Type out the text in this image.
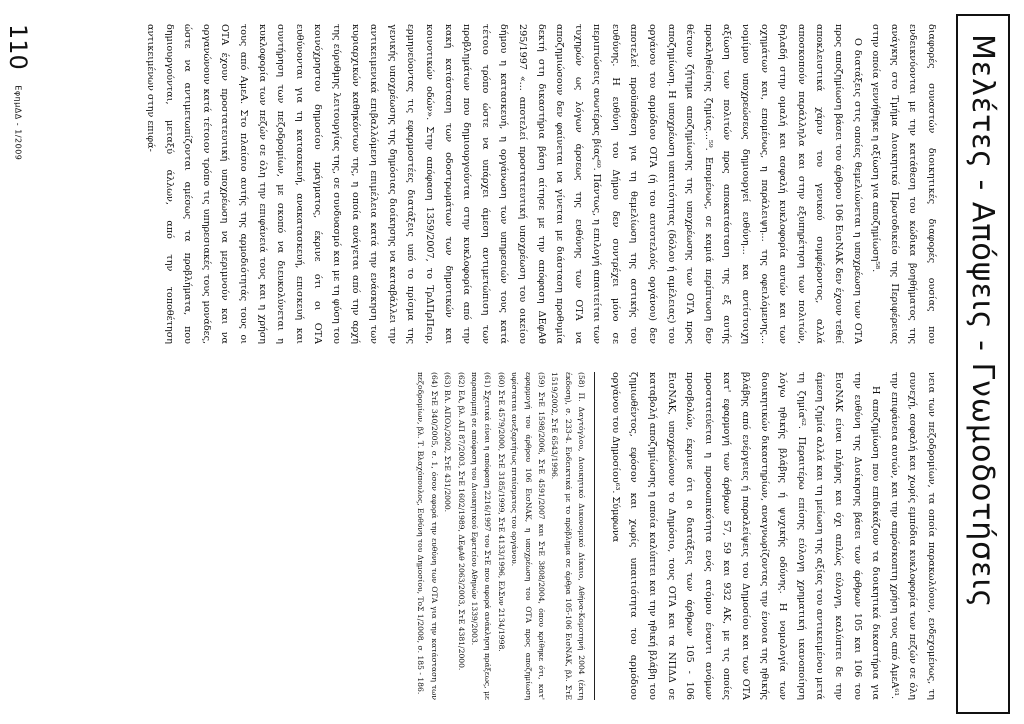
Μελέτες - Απόψεις - Γνωμοδοτήσεις

διαφορές συναστών διοικητικές διαφορές ουσίας που ενδεικνύονται με την κατάθεση του κώδικα βοηθήματος της ανάγκης στο Τμήμα Διοικητικό Πρωτοδικείο της Περιφέρειας στην οποία γεννήθηκε η αξίωση για αποζημίωση⁵⁸.

Ο διατάξεις στις οποίες θεμελιώνεται η υποχρέωση των ΟΤΑ προς αποζημίωση βάσει του άρθρου 106 ΕισΝΑΚ δεν έχουν τεθεί αποκλειστικά χάριν του γενικού συμφέροντος, αλλά αποσκοπούν παράλληλα και στην εξυπηρέτηση των πολιτών, δηλαδή στην ομαλή και ασφαλή κυκλοφορία αυτών και των οχημάτων και, επομένως, η παράλειψη... της οφειλόμενης... νομίμου υποχρεώσεως δημιουργεί ευθύνη... και αντίστοιχη αξίωση των πολιτών προς αποκατάσταση της εξ αυτής προκληθείσης ζημίας...⁵⁹. Επομένως, σε καμιά περίπτωση δεν θέτουν ζήτημα αποζημίωσης της υποχρέωσης των ΟΤΑ προς αποζημίωση. Η υποχρέωση υπαιτιότητας (δόλου ή αμέλειας) του οργάνου του αρμόδιου ΟΤΑ (ή του αυτοτελούς οργάνου) δεν αποτελεί προϋπόθεση για τη θεμελίωση της αστικής του ευθύνης. Η ευθύνη του Δήμου δεν συντρέχει μόνο σε περιπτώσεις ανωτέρας βίας⁶⁰. Πάντως, η επιλογή απαιτείται των τυχηρών ως λόγων άρσεως της ευθύνης των ΟΤΑ να αποζημιώσουν δεν φαίνεται να γίνεται με διάσταση προθυμία δεκτή στη δικαστήρια βάση αίτησε με την απόφαση ΔΕφΑθ 295/1997 «... αποτελεί προστατευτική υποχρέωση του οικείου δήμου η κατασκευή, η οργάνωση των υπηρεσιών τους κατά τέτοιο τρόπο ώστε να υπάρχει άμεση αντιμετώπιση των προβλημάτων που δημιουργούνται στην κυκλοφορία από την κακή κατάσταση των οδοστρωμάτων των δημοτικών και κοινοτικών οδών». Στην απόφαση 1359/2007, το ΤρΔΠρΠειρ, ερμηνεύοντας τις εφαρμοστέες διατάξεις υπό το πρίσμα της γενικής υποχρέωσης της δημόσιας διοίκησης να καταβάλλει την αντικειμενικά επιβαλλόμενη επιμέλεια κατά την ενάσκηση των κυριαρχικών καθηκόντων της, η οποία ανάγεται από την αρχή της εύρυθμης λειτουργίας της, σε συνδυασμό και με τη φύση του κοινόχρηστου δημοσίου πράγματος, έκρινε ότι οι ΟΤΑ ευθύνονται για τη κατασκευή, ανακατασκευή, επισκευή και συντήρηση των πεζοδρομίων, με σκοπό να διευκολύνεται η κυκλοφορία των πεζών σε όλη την επιφάνειά τους και η χρήση τους από ΑμεΑ. Στο πλαίσιο αυτής της αρμοδιότητάς τους οι ΟΤΑ έχουν προστατευτική υποχρέωση να μεριμνούν και να οργανώνουν κατά τέτοιον τρόπο τις υπηρεσιακές τους μονάδες, ώστε να αντιμετωπίζονται αμέσως τα προβλήματα, που δημιουργούνται, μεταξύ άλλων, από την τοποθέτηση αντικειμένων στην επιφά-

νεια των πεζοδρομίων, τα οποία παρακωλύουν, ενδεχομένως, τη συνεχή, ασφαλή και χωρίς εμπόδια κυκλοφορία των πεζών σε όλη την επιφάνεια αυτών, και την απρόσκοπτη χρήση τους από ΑμεΑ⁶¹.

Η αποζημίωση που επιδικάζουν τα διοικητικά δικαστήρια για την ευθύνη της Διοίκησης βάσει των άρθρων 105 και 106 του ΕισΝΑΚ είναι πλήρης και όχι απλώς εύλογη, καλύπτει δε την άμεση ζημία αλλά και τη μείωση της αξίας του αντικειμένου μετά τη ζημία⁶². Περαιτέρω επίσης εύλογη χρηματική ικανοποίηση λόγω ηθικής βλάβης ή ψυχικής οδύνης. Η νομολογία των διοικητικών δικαστηρίων, αναγνωρίζοντας την έννοια της ηθικής βλάβης από ενέργειες ή παραλείψεις του Δημοσίου και των ΟΤΑ κατ' εφαρμογή των άρθρων 57, 59 και 932 ΑΚ, με τις οποίες προστατεύεται η προσωπικότητα ενός ατόμου έναντι ανόμων προσβολών, έκρινε ότι οι διατάξεις των άρθρων 105 - 106 ΕισΝΑΚ, υποχρεώνουν το Δημόσιο, τους ΟΤΑ και τα ΝΠΔΔ σε καταβολή αποζημίωσης η οποία καλύπτει και την ηθική βλάβη του ζημιωθέντος, εφόσον και χωρίς υπαιτιότητα του αρμόδιου οργάνου του Δημοσίου⁶³. Σύμφωνα

(58) Π. Δαγτόγλου, Διοικητικό Δικονομικό Δίκαιο, Αθήνα-Κομοτηνή 2004 (έκτη έκδοση), σ. 233-4. Ενδεικτικά με το πρόβλημα σε άρθρα 105-106 ΕισΝΑΚ, βλ. ΣτΕ 1519/2002, ΣτΕ 6543/1996.

(59) ΣτΕ 1598/2006, ΣτΕ 4591/2007 και ΣτΕ 3808/2004, όπου κρίθηκε ότι, κατ' εφαρμογή του άρθρου 106 ΕισΝΑΚ, η υποχρέωση του ΟΤΑ προς αποζημίωση υφίσταται ανεξαρτήτως πταίσματος του οργάνου.

(60) ΣτΕ 4579/2000, ΣτΕ 3185/1999, ΣτΕ 4133/1996, ΕλΣυν 2134/1998.

(61) Σχετικά είναι η απόφαση 2216/1997 του ΣτΕ που αφορά ανάκληση πράξεως, με παραπομπή σε απόφαση του Διοικητικού Εφετείου Αθηνών 1339/2003.

(62) ΕΑ, βλ. ΑΠ 87/2003, ΣτΕ 1602/1989, ΔΕφΑθ 2063/2003, ΣτΕ 4381/2000.

(63) ΒΛ. ΑΠΟλ/2002, ΣτΕ 431/2000.

(64) ΣτΕ 340/2005, σ. 1, όσον αφορά την ευθύνη των ΟΤΑ για την κατάσταση των πεζοδρομίων, βλ. Τ. Βλαχόπουλος, Ευθύνη του Δημοσίου, ΤοΣ 1/2008, σ. 185 - 186.

110 ΕφημΔΔ - 1/2009
